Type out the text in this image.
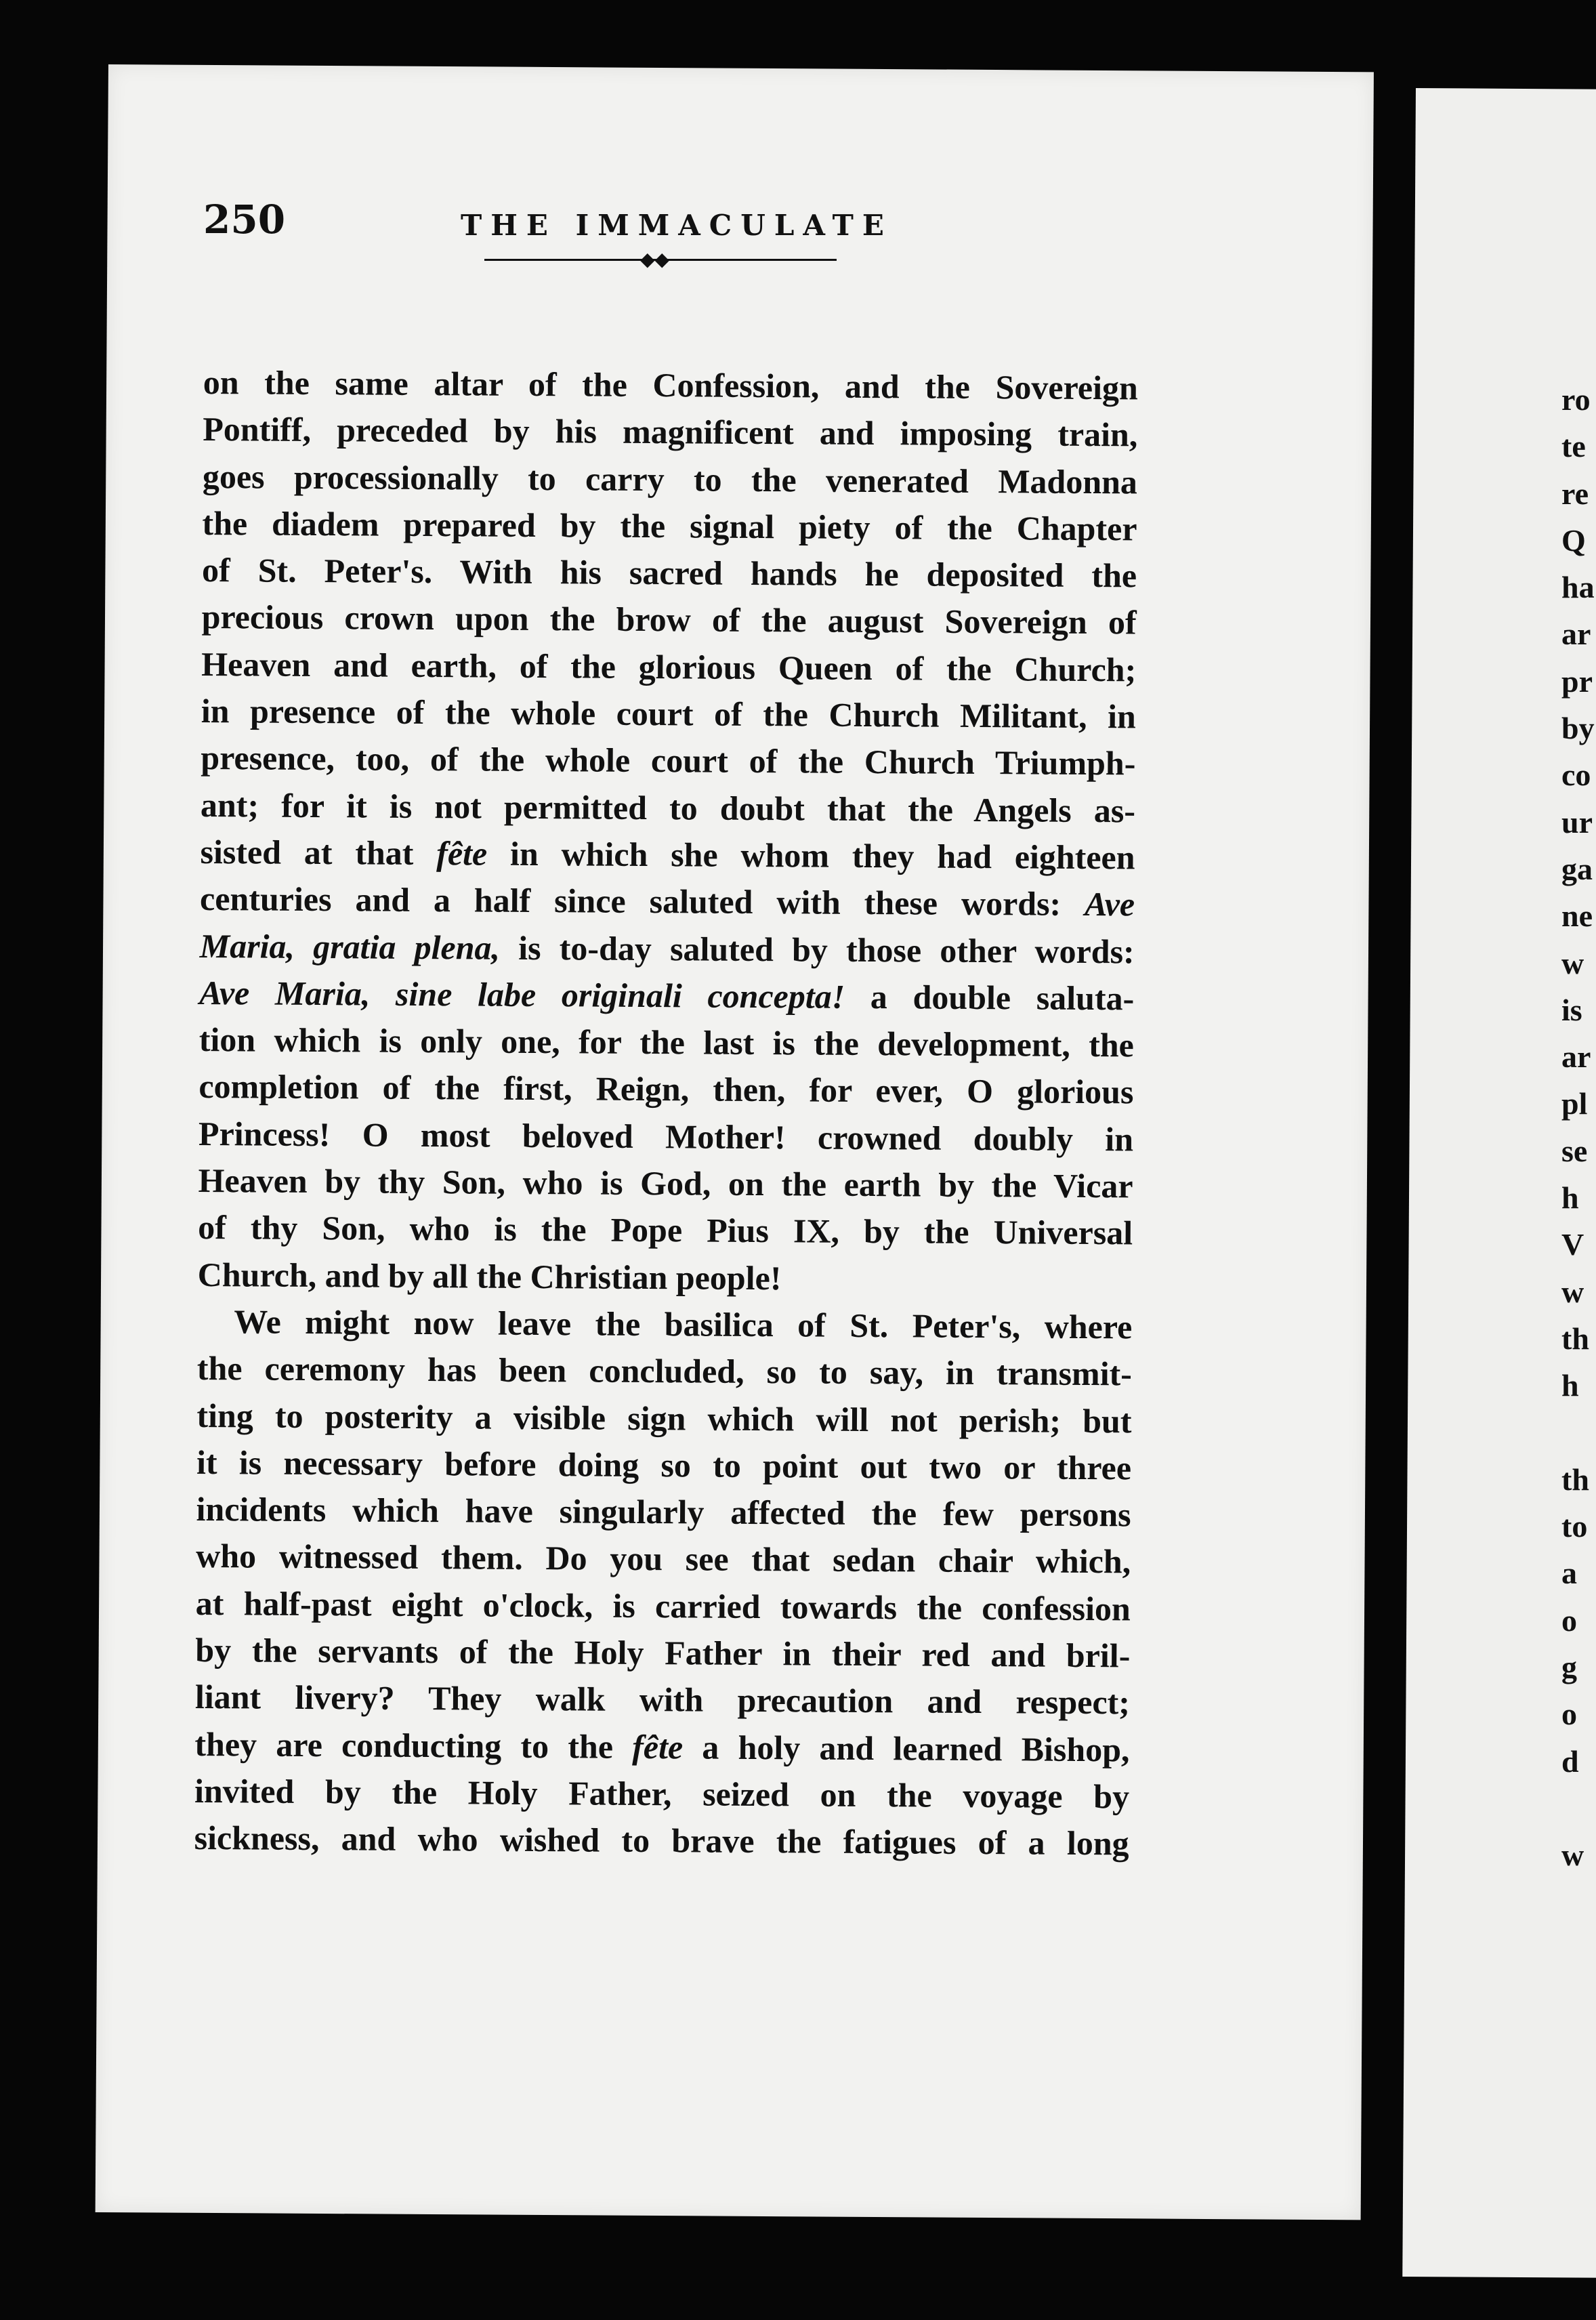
250	THE IMMACULATE
◆◆
on the same altar of the Confession, and the Sovereign
Pontiff, preceded by his magnificent and imposing train,
goes processionally to carry to the venerated Madonna
the diadem prepared by the signal piety of the Chapter
of St. Peter's. With his sacred hands he deposited the
precious crown upon the brow of the august Sovereign of
Heaven and earth, of the glorious Queen of the Church;
in presence of the whole court of the Church Militant, in
presence, too, of the whole court of the Church Triumph-
ant; for it is not permitted to doubt that the Angels as-
sisted at that fête in which she whom they had eighteen
centuries and a half since saluted with these words: Ave
Maria, gratia plena, is to-day saluted by those other words:
Ave Maria, sine labe originali concepta! a double saluta-
tion which is only one, for the last is the development, the
completion of the first, Reign, then, for ever, O glorious
Princess! O most beloved Mother! crowned doubly in
Heaven by thy Son, who is God, on the earth by the Vicar
of thy Son, who is the Pope Pius IX, by the Universal
Church, and by all the Christian people!
We might now leave the basilica of St. Peter's, where
the ceremony has been concluded, so to say, in transmit-
ting to posterity a visible sign which will not perish; but
it is necessary before doing so to point out two or three
incidents which have singularly affected the few persons
who witnessed them. Do you see that sedan chair which,
at half-past eight o'clock, is carried towards the confession
by the servants of the Holy Father in their red and bril-
liant livery? They walk with precaution and respect;
they are conducting to the fête a holy and learned Bishop,
invited by the Holy Father, seized on the voyage by
sickness, and who wished to brave the fatigues of a long
ro
te
re
Q
ha
ar
pr
by
co
ur
ga
ne
w
is
ar
pl
se
h
V
w
th
h
th
to
a
o
g
o
d
w
